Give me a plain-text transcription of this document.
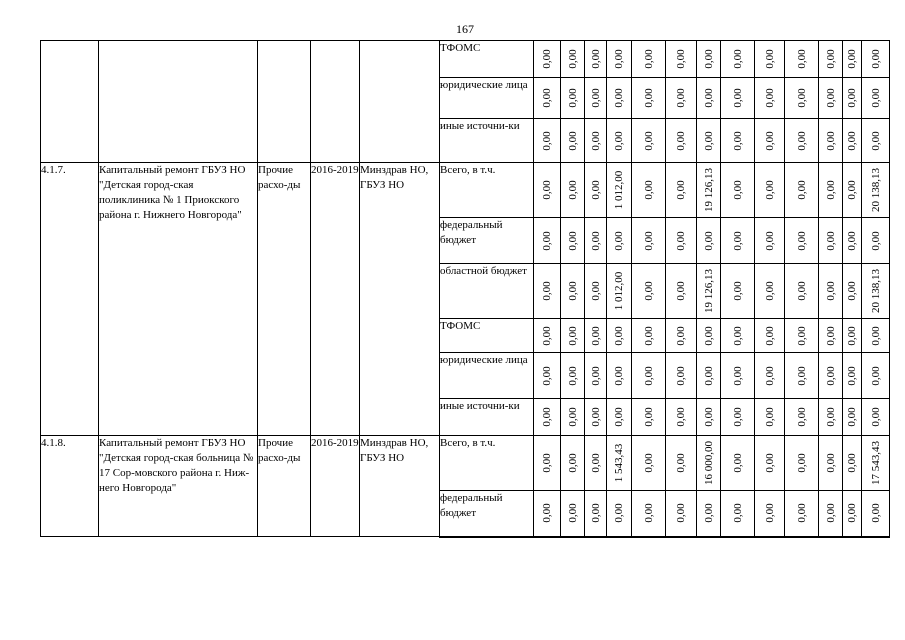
167
					ТФОМС	0,00	0,00	0,00	0,00	0,00	0,00	0,00	0,00	0,00	0,00	0,00	0,00	0,00

					юридические лица	0,00	0,00	0,00	0,00	0,00	0,00	0,00	0,00	0,00	0,00	0,00	0,00	0,00

					иные источни-ки	0,00	0,00	0,00	0,00	0,00	0,00	0,00	0,00	0,00	0,00	0,00	0,00	0,00

4.1.7.	Капитальный ремонт ГБУЗ НО "Детская город-ская поликлиника № 1 Приокского района г. Нижнего Новгорода"	Прочие расхо-ды	2016-2019	Минздрав НО, ГБУЗ НО	Всего, в т.ч.	0,00	0,00	0,00	1 012,00	0,00	0,00	19 126,13	0,00	0,00	0,00	0,00	0,00	20 138,13

					федеральный бюджет	0,00	0,00	0,00	0,00	0,00	0,00	0,00	0,00	0,00	0,00	0,00	0,00	0,00

					областной бюджет	0,00	0,00	0,00	1 012,00	0,00	0,00	19 126,13	0,00	0,00	0,00	0,00	0,00	20 138,13

					ТФОМС	0,00	0,00	0,00	0,00	0,00	0,00	0,00	0,00	0,00	0,00	0,00	0,00	0,00

					юридические лица	0,00	0,00	0,00	0,00	0,00	0,00	0,00	0,00	0,00	0,00	0,00	0,00	0,00

					иные источни-ки	0,00	0,00	0,00	0,00	0,00	0,00	0,00	0,00	0,00	0,00	0,00	0,00	0,00

4.1.8.	Капитальный ремонт ГБУЗ НО "Детская город-ская больница № 17 Сор-мовского района г. Ниж-него Новгорода"	Прочие расхо-ды	2016-2019	Минздрав НО, ГБУЗ НО	Всего, в т.ч.	0,00	0,00	0,00	1 543,43	0,00	0,00	16 000,00	0,00	0,00	0,00	0,00	0,00	17 543,43

					федеральный бюджет	0,00	0,00	0,00	0,00	0,00	0,00	0,00	0,00	0,00	0,00	0,00	0,00	0,00
